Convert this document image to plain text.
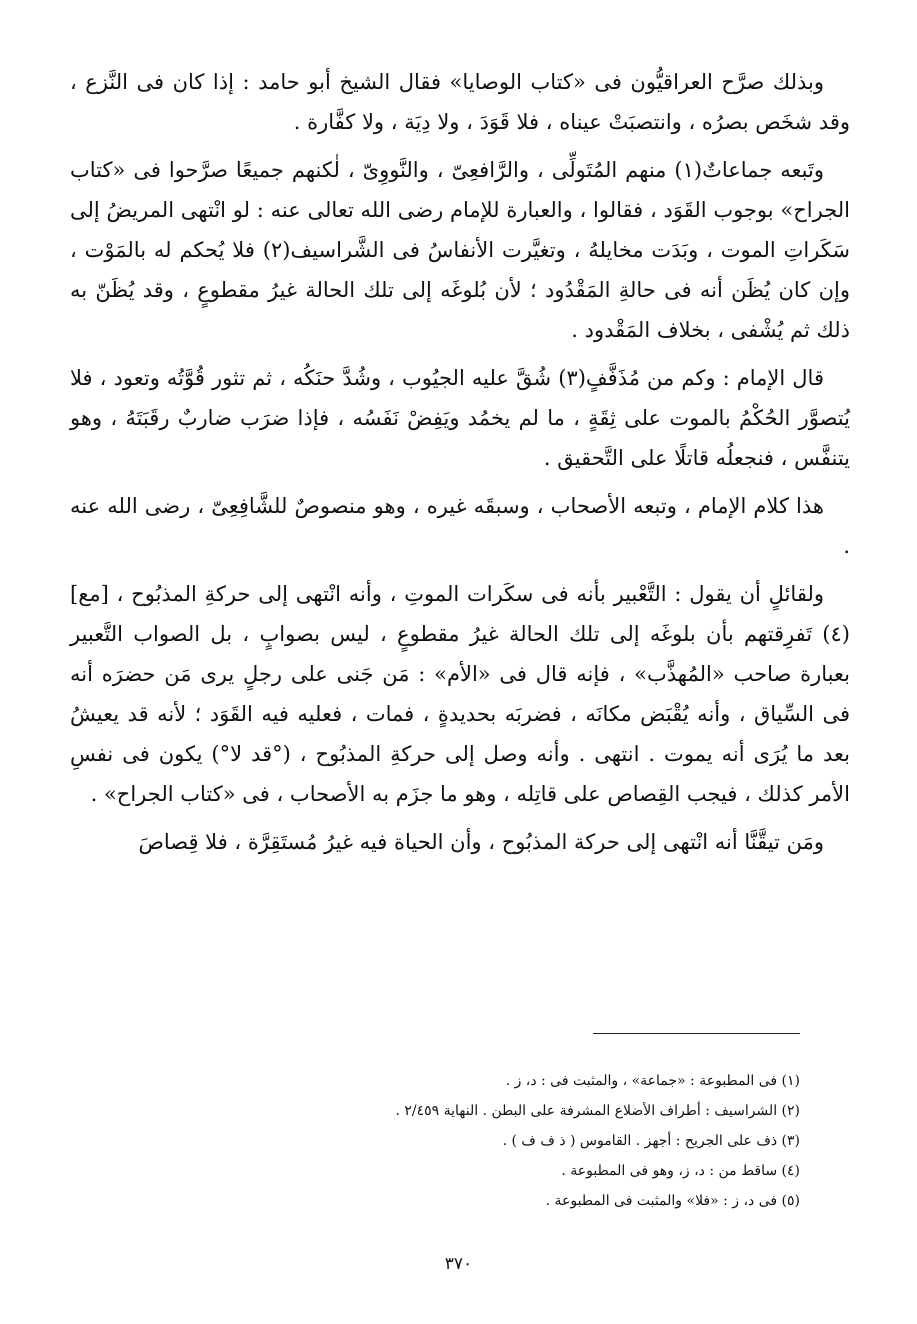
وبذلك صرَّح العراقيُّون فى «كتاب الوصايا» فقال الشيخ أبو حامد : إذا كان فى النَّزع ، وقد شخَص بصرُه ، وانتصبَتْ عيناه ، فلا قَوَدَ ، ولا دِيَة ، ولا كفَّارة .

وتَبعه جماعاتٌ(١) منهم المُتَولِّى ، والرَّافعِىّ ، والنَّووِىّ ، لٰكنهم جميعًا صرَّحوا فى «كتاب الجراح» بوجوب القَوَد ، فقالوا ، والعبارة للإمام رضى الله تعالى عنه : لو انْتهى المريضُ إلى سَكَراتِ الموت ، وبَدَت مخايلهُ ، وتغيَّرت الأنفاسُ فى الشَّراسيف(٢) فلا يُحكم له بالمَوْت ، وإن كان يُظَن أنه فى حالةِ المَقْدُود ؛ لأن بُلوغَه إلى تلك الحالة غيرُ مقطوعٍ ، وقد يُظَنّ به ذلك ثم يُشْفى ، بخلاف المَقْدود .

قال الإمام : وكم من مُذَفَّفٍ(٣) شُقَّ عليه الجيُوب ، وشُدَّ حنَكُه ، ثم تثور قُوَّتُه وتعود ، فلا يُتصوَّر الحُكْمُ بالموت على ثِقَةٍ ، ما لم يخمُد ويَفِضْ نَفَسُه ، فإذا ضرَب ضاربٌ رقَبَتَهُ ، وهو يتنفَّس ، فنجعلُه قاتلًا على التَّحقيق .

هذا كلام الإمام ، وتبعه الأصحاب ، وسبقَه غيره ، وهو منصوصٌ للشَّافِعِىّ ، رضى الله عنه .

ولقائلٍ أن يقول : التَّعْبير بأنه فى سكَرات الموتِ ، وأنه انْتهى إلى حركةِ المذبُوح ، [مع](٤) تَفرِقتهم بأن بلوغَه إلى تلك الحالة غيرُ مقطوعٍ ، ليس بصوابٍ ، بل الصواب التَّعبير بعبارة صاحب «المُهذَّب» ، فإنه قال فى «الأم» : مَن جَنى على رجلٍ يرى مَن حضرَه أنه فى السِّياق ، وأنه يُقْبَض مكانَه ، فضربَه بحديدةٍ ، فمات ، فعليه فيه القَوَد ؛ لأنه قد يعيشُ بعد ما يُرَى أنه يموت . انتهى . وأنه وصل إلى حركةِ المذبُوح ، (°قد لا°) يكون فى نفسِ الأمر كذلك ، فيجب القِصاص على قاتِله ، وهو ما جزَم به الأصحاب ، فى «كتاب الجراح» .

ومَن تيقَّنَّا أنه انْتهى إلى حركة المذبُوح ، وأن الحياة فيه غيرُ مُستَقِرَّة ، فلا قِصاصَ

(١) فى المطبوعة : «جماعة» ، والمثبت فى : د، ز .

(٢) الشراسيف : أطراف الأضلاع المشرفة على البطن . النهاية ٢/٤٥٩ .

(٣) ذف على الجريح : أجهز . القاموس ( ذ ف ف ) .

(٤) ساقط من : د، ز، وهو فى المطبوعة .

(٥) فى د، ز : «فلا» والمثبت فى المطبوعة .

٣٧٠
